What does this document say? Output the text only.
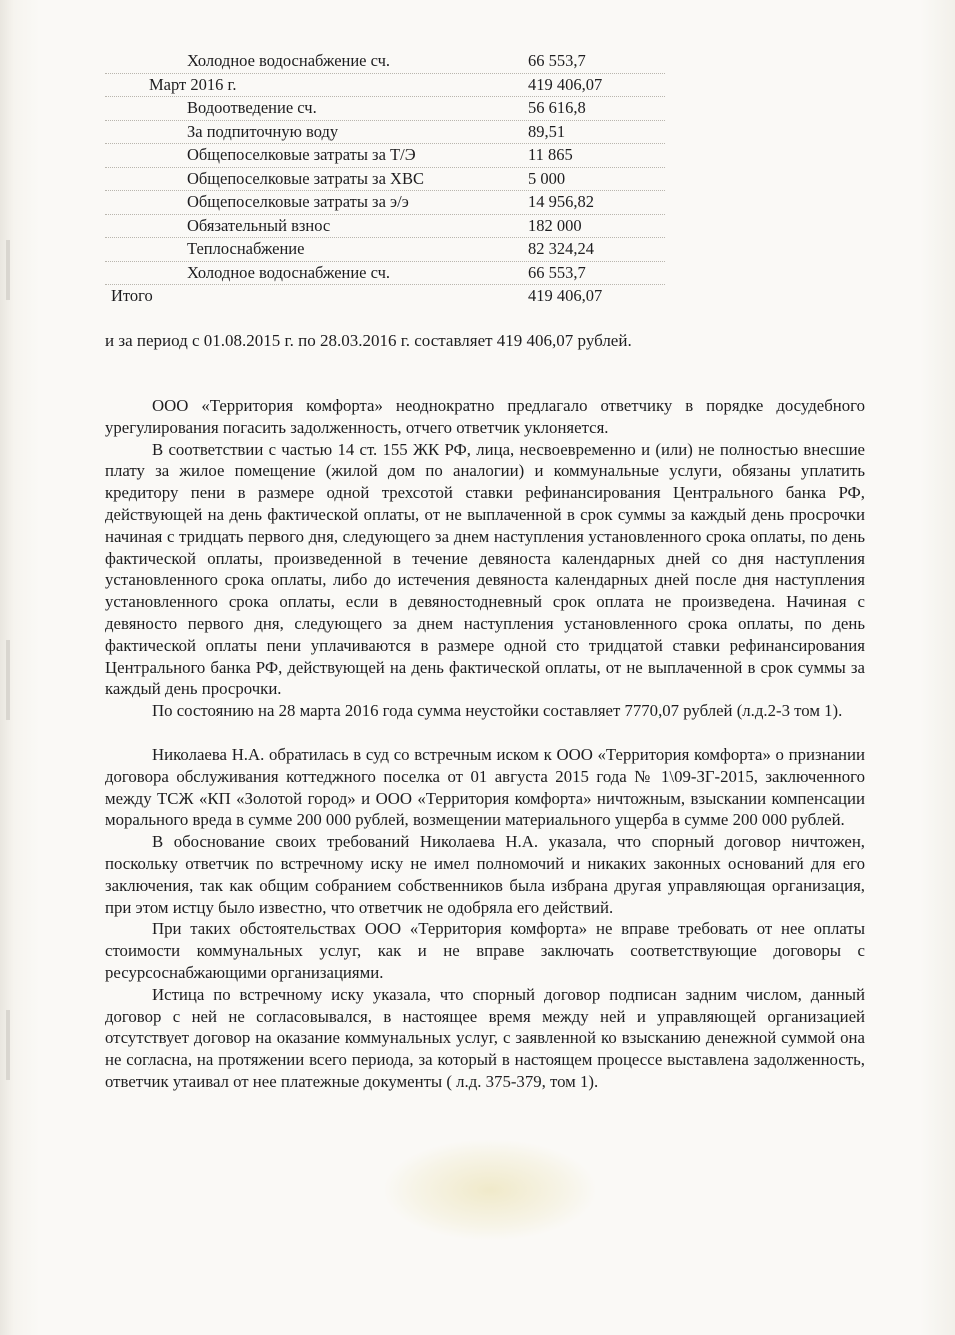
Холодное водоснабжение сч.	66 553,7
Март 2016 г.	419 406,07
Водоотведение сч.	56 616,8
За подпиточную воду	89,51
Общепоселковые затраты за Т/Э	11 865
Общепоселковые затраты за ХВС	5 000
Общепоселковые затраты за э/э	14 956,82
Обязательный взнос	182 000
Теплоснабжение	82 324,24
Холодное водоснабжение сч.	66 553,7
Итого	419 406,07
и за период с 01.08.2015 г. по 28.03.2016 г. составляет 419 406,07 рублей.

ООО «Территория комфорта» неоднократно предлагало ответчику в порядке досудебного урегулирования погасить задолженность, отчего ответчик уклоняется.

В соответствии с частью 14 ст. 155 ЖК РФ, лица, несвоевременно и (или) не полностью внесшие плату за жилое помещение (жилой дом по аналогии) и коммунальные услуги, обязаны уплатить кредитору пени в размере одной трехсотой ставки рефинансирования Центрального банка РФ, действующей на день фактической оплаты, от не выплаченной в срок суммы за каждый день просрочки начиная с тридцать первого дня, следующего за днем наступления установленного срока оплаты, по день фактической оплаты, произведенной в течение девяноста календарных дней со дня наступления установленного срока оплаты, либо до истечения девяноста календарных дней после дня наступления установленного срока оплаты, если в девяностодневный срок оплата не произведена. Начиная с девяносто первого дня, следующего за днем наступления установленного срока оплаты, по день фактической оплаты пени уплачиваются в размере одной сто тридцатой ставки рефинансирования Центрального банка РФ, действующей на день фактической оплаты, от не выплаченной в срок суммы за каждый день просрочки.

По состоянию на 28 марта 2016 года сумма неустойки составляет 7770,07 рублей (л.д.2-3 том 1).

Николаева Н.А. обратилась в суд со встречным иском к ООО «Территория комфорта» о признании договора обслуживания коттеджного поселка от 01 августа 2015 года № 1\09-ЗГ-2015, заключенного между ТСЖ «КП «Золотой город» и ООО «Территория комфорта» ничтожным, взыскании компенсации морального вреда в сумме 200 000 рублей, возмещении материального ущерба в сумме 200 000 рублей.

В обоснование своих требований Николаева Н.А. указала, что спорный договор ничтожен, поскольку ответчик по встречному иску не имел полномочий и никаких законных оснований для его заключения, так как общим собранием собственников была избрана другая управляющая организация, при этом истцу было известно, что ответчик не одобряла его действий.

При таких обстоятельствах ООО «Территория комфорта» не вправе требовать от нее оплаты стоимости коммунальных услуг, как и не вправе заключать соответствующие договоры с ресурсоснабжающими организациями.

Истица по встречному иску указала, что спорный договор подписан задним числом, данный договор с ней не согласовывался, в настоящее время между ней и управляющей организацией отсутствует договор на оказание коммунальных услуг, с заявленной ко взысканию денежной суммой она не согласна, на протяжении всего периода, за который в настоящем процессе выставлена задолженность, ответчик утаивал от нее платежные документы ( л.д. 375-379, том 1).
